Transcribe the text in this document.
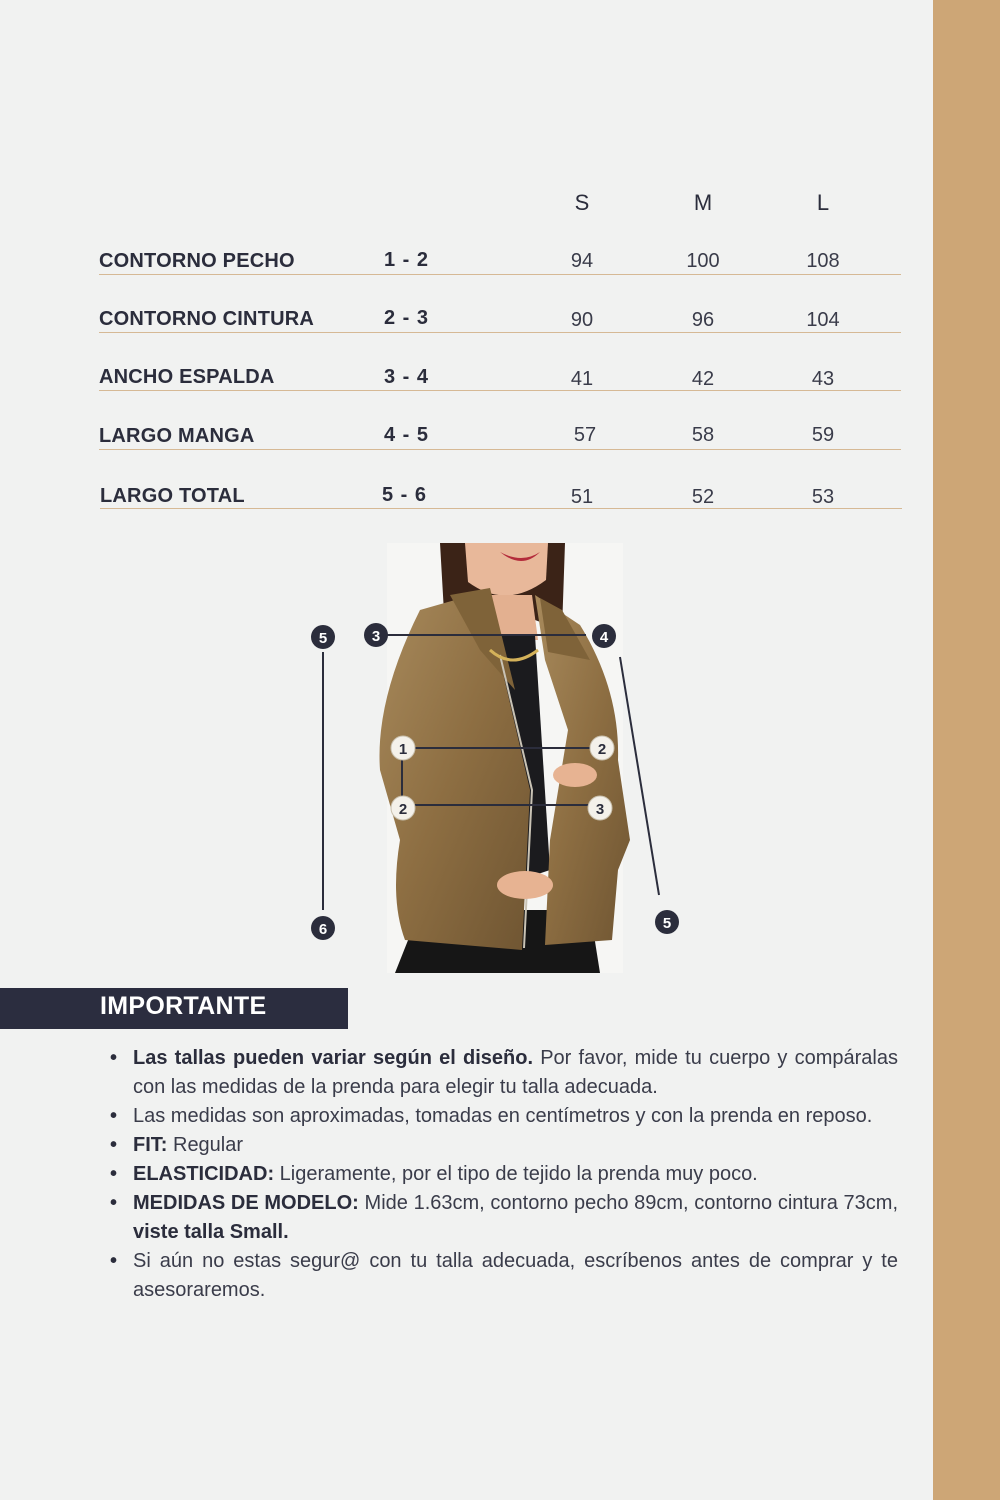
S	M	L
CONTORNO PECHO	1 - 2	94	100	108
CONTORNO CINTURA	2 - 3	90	96	104
ANCHO ESPALDA	3 - 4	41	42	43
LARGO MANGA	4 - 5	57	58	59
LARGO TOTAL	5 - 6	51	52	53
5	3	4
6	5
1	2
2	3
IMPORTANTE
• Las tallas pueden variar según el diseño. Por favor, mide tu cuerpo y compáralas con las medidas de la prenda para elegir tu talla adecuada.
• Las medidas son aproximadas, tomadas en centímetros y con la prenda en reposo.
• FIT: Regular
• ELASTICIDAD: Ligeramente, por el tipo de tejido la prenda muy poco.
• MEDIDAS DE MODELO: Mide 1.63cm, contorno pecho 89cm, contorno cintura 73cm, viste talla Small.
• Si aún no estas segur@ con tu talla adecuada, escríbenos antes de comprar y te asesoraremos.
